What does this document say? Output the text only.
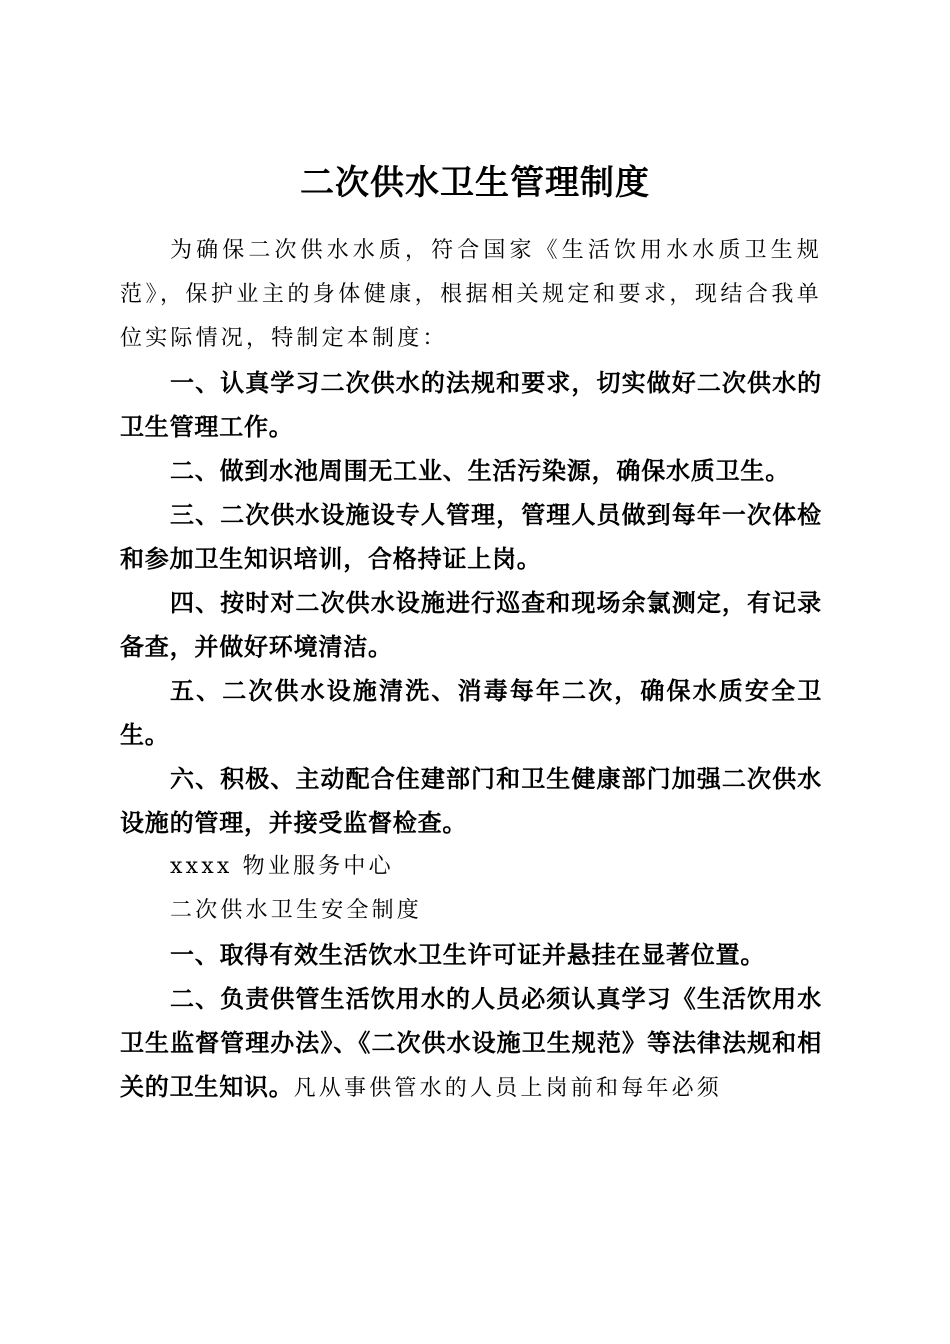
二次供水卫生管理制度

为确保二次供水水质，符合国家《生活饮用水水质卫生规范》，保护业主的身体健康，根据相关规定和要求，现结合我单位实际情况，特制定本制度：

一、认真学习二次供水的法规和要求，切实做好二次供水的卫生管理工作。

二、做到水池周围无工业、生活污染源，确保水质卫生。

三、二次供水设施设专人管理，管理人员做到每年一次体检和参加卫生知识培训，合格持证上岗。

四、按时对二次供水设施进行巡查和现场余氯测定，有记录备查，并做好环境清洁。

五、二次供水设施清洗、消毒每年二次，确保水质安全卫生。

六、积极、主动配合住建部门和卫生健康部门加强二次供水设施的管理，并接受监督检查。

xxxx 物业服务中心

二次供水卫生安全制度

一、取得有效生活饮水卫生许可证并悬挂在显著位置。

二、负责供管生活饮用水的人员必须认真学习《生活饮用水卫生监督管理办法》、《二次供水设施卫生规范》等法律法规和相关的卫生知识。凡从事供管水的人员上岗前和每年必须
